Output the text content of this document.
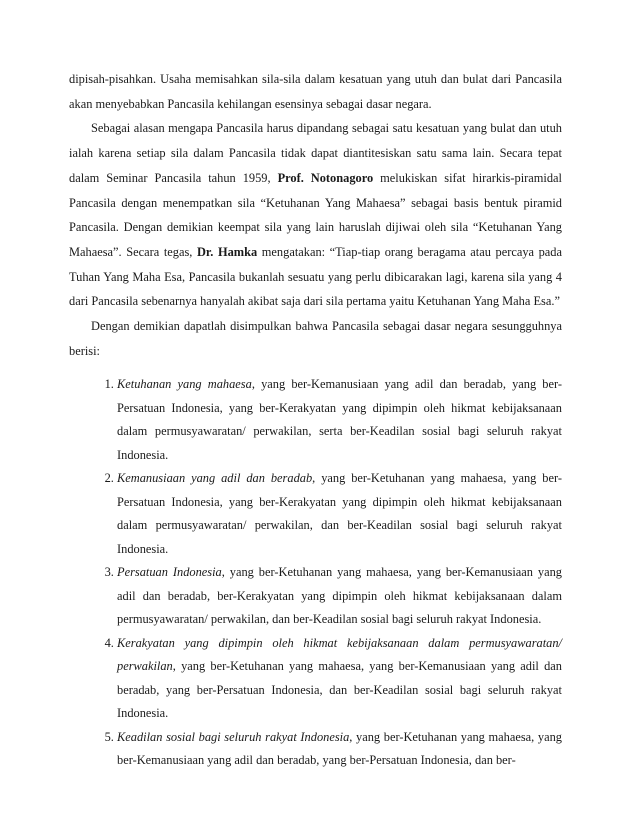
dipisah-pisahkan. Usaha memisahkan sila-sila dalam kesatuan yang utuh dan bulat dari Pancasila akan menyebabkan Pancasila kehilangan esensinya sebagai dasar negara.

Sebagai alasan mengapa Pancasila harus dipandang sebagai satu kesatuan yang bulat dan utuh ialah karena setiap sila dalam Pancasila tidak dapat diantitesiskan satu sama lain. Secara tepat dalam Seminar Pancasila tahun 1959, Prof. Notonagoro melukiskan sifat hirarkis-piramidal Pancasila dengan menempatkan sila “Ketuhanan Yang Mahaesa” sebagai basis bentuk piramid Pancasila. Dengan demikian keempat sila yang lain haruslah dijiwai oleh sila “Ketuhanan Yang Mahaesa”. Secara tegas, Dr. Hamka mengatakan: “Tiap-tiap orang beragama atau percaya pada Tuhan Yang Maha Esa, Pancasila bukanlah sesuatu yang perlu dibicarakan lagi, karena sila yang 4 dari Pancasila sebenarnya hanyalah akibat saja dari sila pertama yaitu Ketuhanan Yang Maha Esa.”

Dengan demikian dapatlah disimpulkan bahwa Pancasila sebagai dasar negara sesungguhnya berisi:

1. Ketuhanan yang mahaesa, yang ber-Kemanusiaan yang adil dan beradab, yang ber-Persatuan Indonesia, yang ber-Kerakyatan yang dipimpin oleh hikmat kebijaksanaan dalam permusyawaratan/ perwakilan, serta ber-Keadilan sosial bagi seluruh rakyat Indonesia.
2. Kemanusiaan yang adil dan beradab, yang ber-Ketuhanan yang mahaesa, yang ber-Persatuan Indonesia, yang ber-Kerakyatan yang dipimpin oleh hikmat kebijaksanaan dalam permusyawaratan/ perwakilan, dan ber-Keadilan sosial bagi seluruh rakyat Indonesia.
3. Persatuan Indonesia, yang ber-Ketuhanan yang mahaesa, yang ber-Kemanusiaan yang adil dan beradab, ber-Kerakyatan yang dipimpin oleh hikmat kebijaksanaan dalam permusyawaratan/ perwakilan, dan ber-Keadilan sosial bagi seluruh rakyat Indonesia.
4. Kerakyatan yang dipimpin oleh hikmat kebijaksanaan dalam permusyawaratan/ perwakilan, yang ber-Ketuhanan yang mahaesa, yang ber-Kemanusiaan yang adil dan beradab, yang ber-Persatuan Indonesia, dan ber-Keadilan sosial bagi seluruh rakyat Indonesia.
5. Keadilan sosial bagi seluruh rakyat Indonesia, yang ber-Ketuhanan yang mahaesa, yang ber-Kemanusiaan yang adil dan beradab, yang ber-Persatuan Indonesia, dan ber-
